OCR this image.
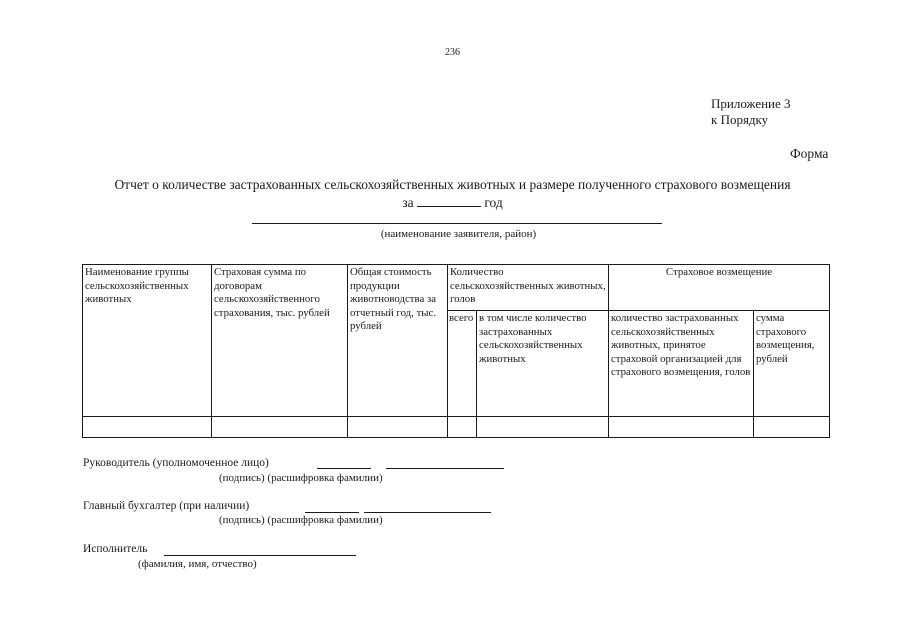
236
Приложение 3
к Порядку
Форма
Отчет о количестве застрахованных сельскохозяйственных животных и размере полученного страхового возмещения
за	год
(наименование заявителя, район)
Наименование группы сельскохозяйственных животных	Страховая сумма по договорам сельскохозяйственного страхования, тыс. рублей	Общая стоимость продукции животноводства за отчетный год, тыс. рублей	Количество сельскохозяйственных животных, голов		Страховое возмещение	
			всего	в том числе количество застрахованных сельскохозяйственных животных	количество застрахованных сельскохозяйственных животных, принятое страховой организацией для страхового возмещения, голов	сумма страхового возмещения, рублей

Руководитель (уполномоченное лицо)
(подпись) (расшифровка фамилии)
Главный бухгалтер (при наличии)
(подпись) (расшифровка фамилии)
Исполнитель
(фамилия, имя, отчество)
